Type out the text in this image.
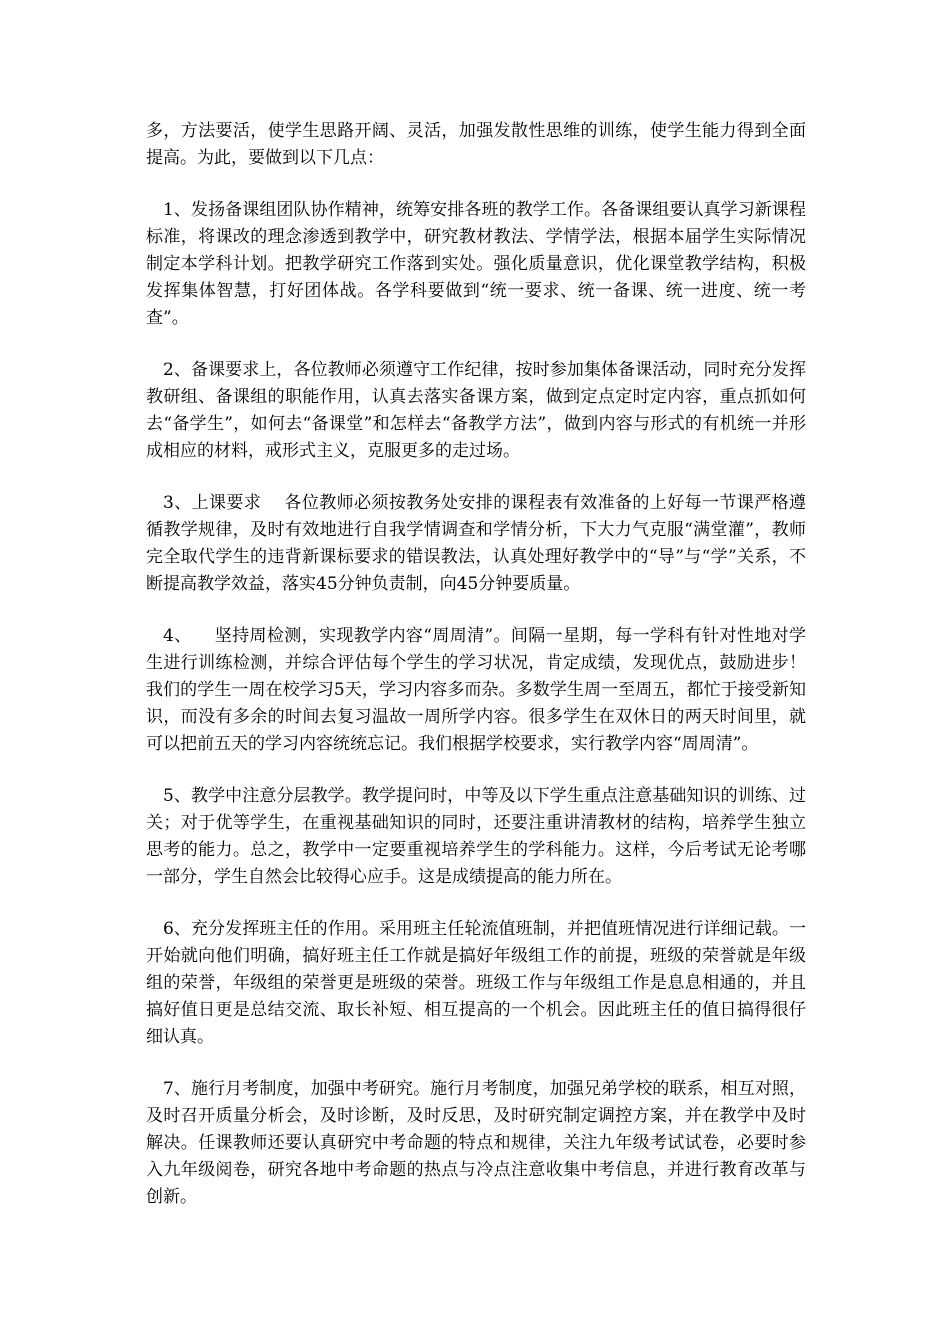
多，方法要活，使学生思路开阔、灵活，加强发散性思维的训练，使学生能力得到全面提高。为此，要做到以下几点：

1、发扬备课组团队协作精神，统筹安排各班的教学工作。各备课组要认真学习新课程标准，将课改的理念渗透到教学中，研究教材教法、学情学法，根据本届学生实际情况制定本学科计划。把教学研究工作落到实处。强化质量意识，优化课堂教学结构，积极发挥集体智慧，打好团体战。各学科要做到“统一要求、统一备课、统一进度、统一考查”。

2、备课要求上，各位教师必须遵守工作纪律，按时参加集体备课活动，同时充分发挥教研组、备课组的职能作用，认真去落实备课方案，做到定点定时定内容，重点抓如何去“备学生”，如何去“备课堂”和怎样去“备教学方法”，做到内容与形式的有机统一并形成相应的材料，戒形式主义，克服更多的走过场。

3、上课要求    各位教师必须按教务处安排的课程表有效准备的上好每一节课严格遵循教学规律，及时有效地进行自我学情调查和学情分析，下大力气克服“满堂灌”，教师完全取代学生的违背新课标要求的错误教法，认真处理好教学中的“导”与“学”关系，不断提高教学效益，落实45分钟负责制，向45分钟要质量。

4、    坚持周检测，实现教学内容“周周清”。间隔一星期，每一学科有针对性地对学生进行训练检测，并综合评估每个学生的学习状况，肯定成绩，发现优点，鼓励进步！我们的学生一周在校学习5天，学习内容多而杂。多数学生周一至周五，都忙于接受新知识，而没有多余的时间去复习温故一周所学内容。很多学生在双休日的两天时间里，就可以把前五天的学习内容统统忘记。我们根据学校要求，实行教学内容“周周清”。

5、教学中注意分层教学。教学提问时，中等及以下学生重点注意基础知识的训练、过关；对于优等学生，在重视基础知识的同时，还要注重讲清教材的结构，培养学生独立思考的能力。总之，教学中一定要重视培养学生的学科能力。这样，今后考试无论考哪一部分，学生自然会比较得心应手。这是成绩提高的能力所在。

6、充分发挥班主任的作用。采用班主任轮流值班制，并把值班情况进行详细记载。一开始就向他们明确，搞好班主任工作就是搞好年级组工作的前提，班级的荣誉就是年级组的荣誉，年级组的荣誉更是班级的荣誉。班级工作与年级组工作是息息相通的，并且搞好值日更是总结交流、取长补短、相互提高的一个机会。因此班主任的值日搞得很仔细认真。

7、施行月考制度，加强中考研究。施行月考制度，加强兄弟学校的联系，相互对照，及时召开质量分析会，及时诊断，及时反思，及时研究制定调控方案，并在教学中及时解决。任课教师还要认真研究中考命题的特点和规律，关注九年级考试试卷，必要时参入九年级阅卷，研究各地中考命题的热点与冷点注意收集中考信息，并进行教育改革与创新。
